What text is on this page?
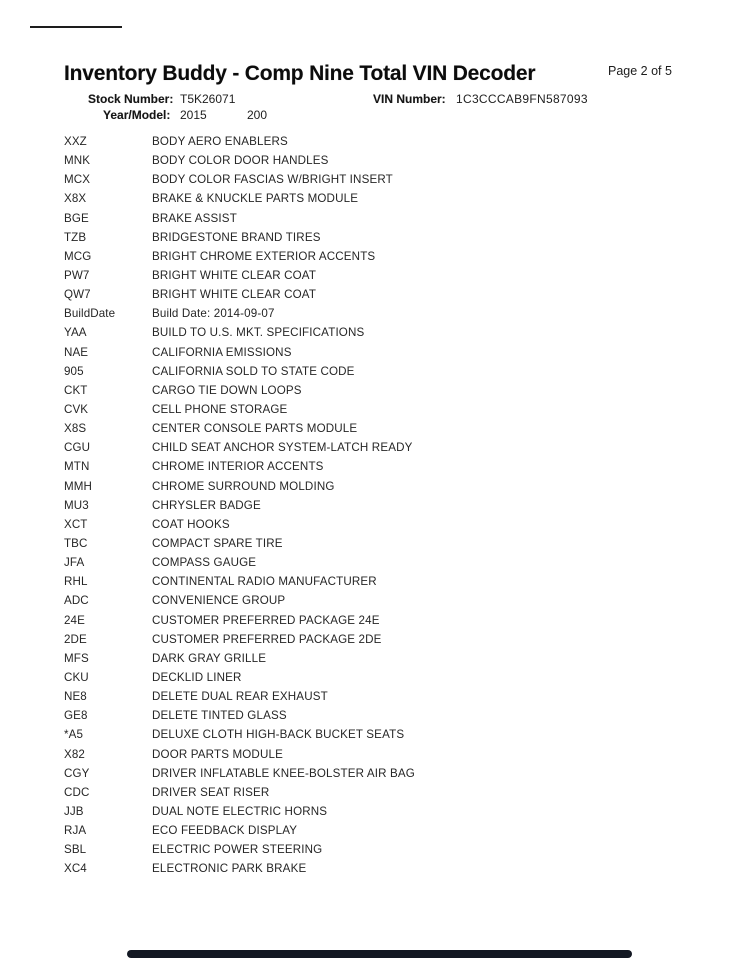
Inventory Buddy - Comp Nine Total VIN Decoder	Page 2 of 5
Stock Number: T5K26071	VIN Number: 1C3CCCAB9FN587093
Year/Model: 2015	200
XXZ	BODY AERO ENABLERS
MNK	BODY COLOR DOOR HANDLES
MCX	BODY COLOR FASCIAS W/BRIGHT INSERT
X8X	BRAKE & KNUCKLE PARTS MODULE
BGE	BRAKE ASSIST
TZB	BRIDGESTONE BRAND TIRES
MCG	BRIGHT CHROME EXTERIOR ACCENTS
PW7	BRIGHT WHITE CLEAR COAT
QW7	BRIGHT WHITE CLEAR COAT
BuildDate	Build Date: 2014-09-07
YAA	BUILD TO U.S. MKT. SPECIFICATIONS
NAE	CALIFORNIA EMISSIONS
905	CALIFORNIA SOLD TO STATE CODE
CKT	CARGO TIE DOWN LOOPS
CVK	CELL PHONE STORAGE
X8S	CENTER CONSOLE PARTS MODULE
CGU	CHILD SEAT ANCHOR SYSTEM-LATCH READY
MTN	CHROME INTERIOR ACCENTS
MMH	CHROME SURROUND MOLDING
MU3	CHRYSLER BADGE
XCT	COAT HOOKS
TBC	COMPACT SPARE TIRE
JFA	COMPASS GAUGE
RHL	CONTINENTAL RADIO MANUFACTURER
ADC	CONVENIENCE GROUP
24E	CUSTOMER PREFERRED PACKAGE 24E
2DE	CUSTOMER PREFERRED PACKAGE 2DE
MFS	DARK GRAY GRILLE
CKU	DECKLID LINER
NE8	DELETE DUAL REAR EXHAUST
GE8	DELETE TINTED GLASS
*A5	DELUXE CLOTH HIGH-BACK BUCKET SEATS
X82	DOOR PARTS MODULE
CGY	DRIVER INFLATABLE KNEE-BOLSTER AIR BAG
CDC	DRIVER SEAT RISER
JJB	DUAL NOTE ELECTRIC HORNS
RJA	ECO FEEDBACK DISPLAY
SBL	ELECTRIC POWER STEERING
XC4	ELECTRONIC PARK BRAKE
